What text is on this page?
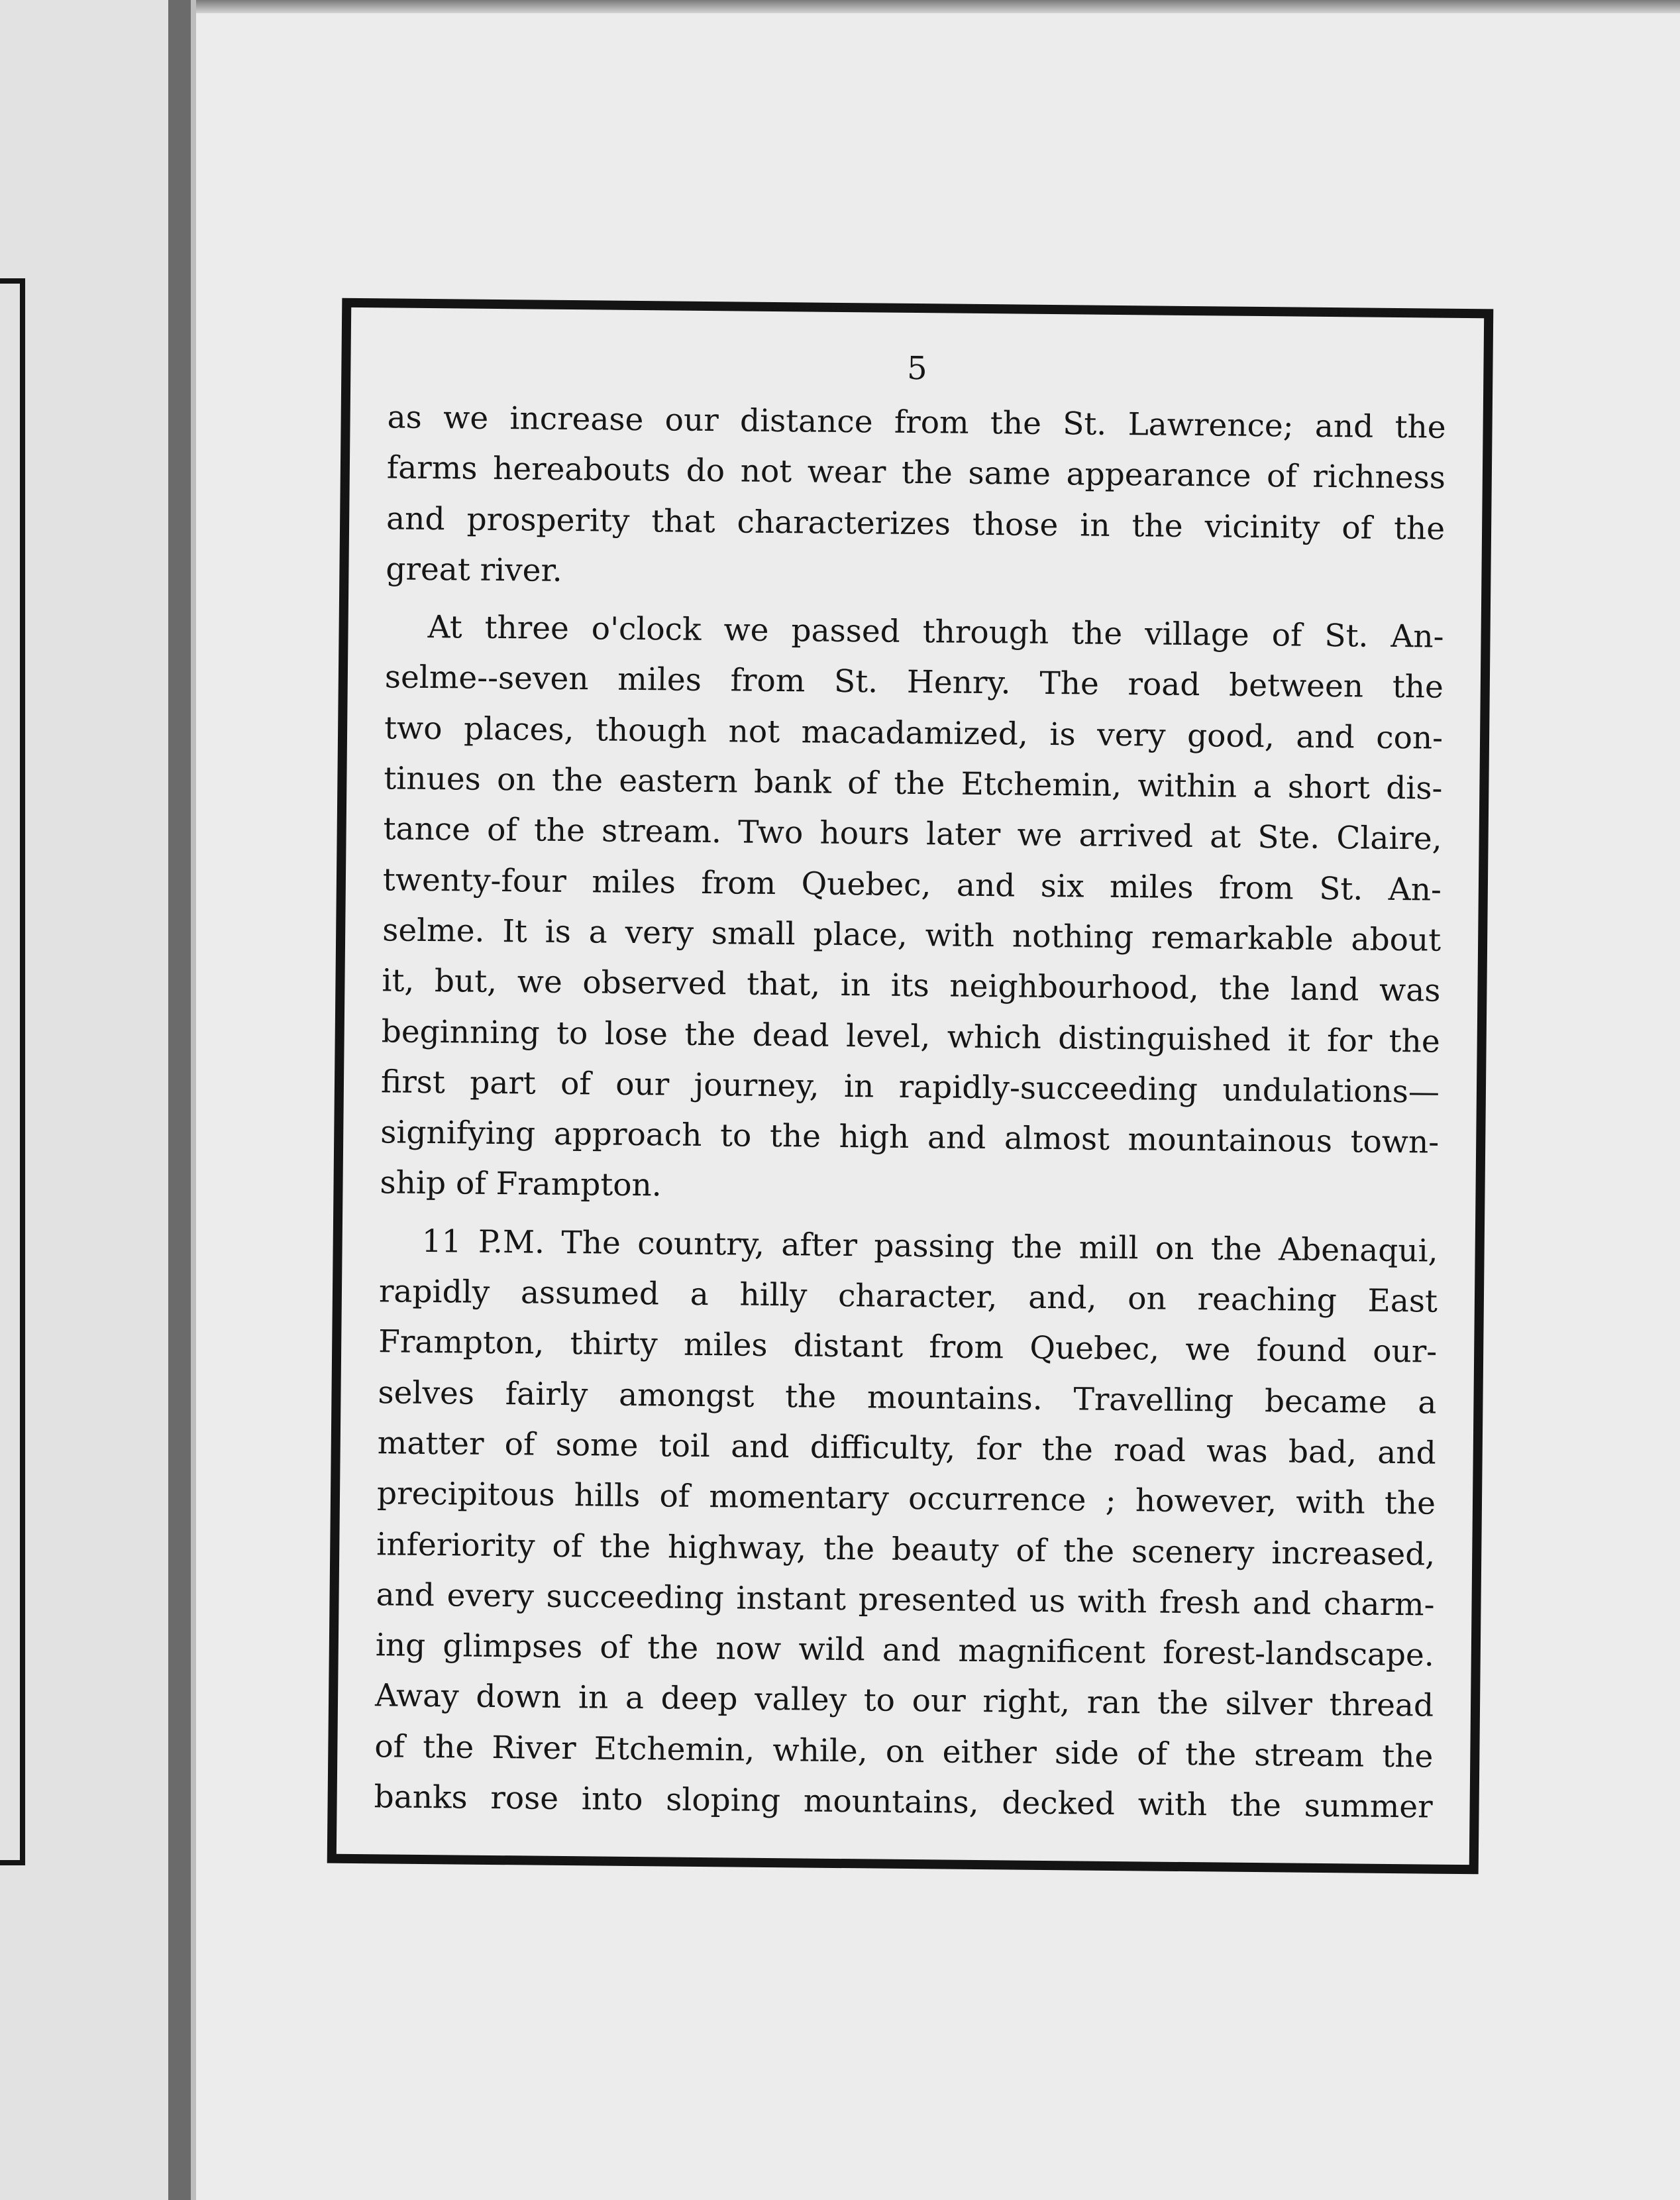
5
as we increase our distance from the St. Lawrence; and the
farms hereabouts do not wear the same appearance of richness
and prosperity that characterizes those in the vicinity of the
great river.
At three o'clock we passed through the village of St. An-
selme--seven miles from St. Henry. The road between the
two places, though not macadamized, is very good, and con-
tinues on the eastern bank of the Etchemin, within a short dis-
tance of the stream. Two hours later we arrived at Ste. Claire,
twenty-four miles from Quebec, and six miles from St. An-
selme. It is a very small place, with nothing remarkable about
it, but, we observed that, in its neighbourhood, the land was
beginning to lose the dead level, which distinguished it for the
first part of our journey, in rapidly-succeeding undulations—
signifying approach to the high and almost mountainous town-
ship of Frampton.
11 P.M. The country, after passing the mill on the Abenaqui,
rapidly assumed a hilly character, and, on reaching East
Frampton, thirty miles distant from Quebec, we found our-
selves fairly amongst the mountains. Travelling became a
matter of some toil and difficulty, for the road was bad, and
precipitous hills of momentary occurrence ; however, with the
inferiority of the highway, the beauty of the scenery increased,
and every succeeding instant presented us with fresh and charm-
ing glimpses of the now wild and magnificent forest-landscape.
Away down in a deep valley to our right, ran the silver thread
of the River Etchemin, while, on either side of the stream the
banks rose into sloping mountains, decked with the summer
